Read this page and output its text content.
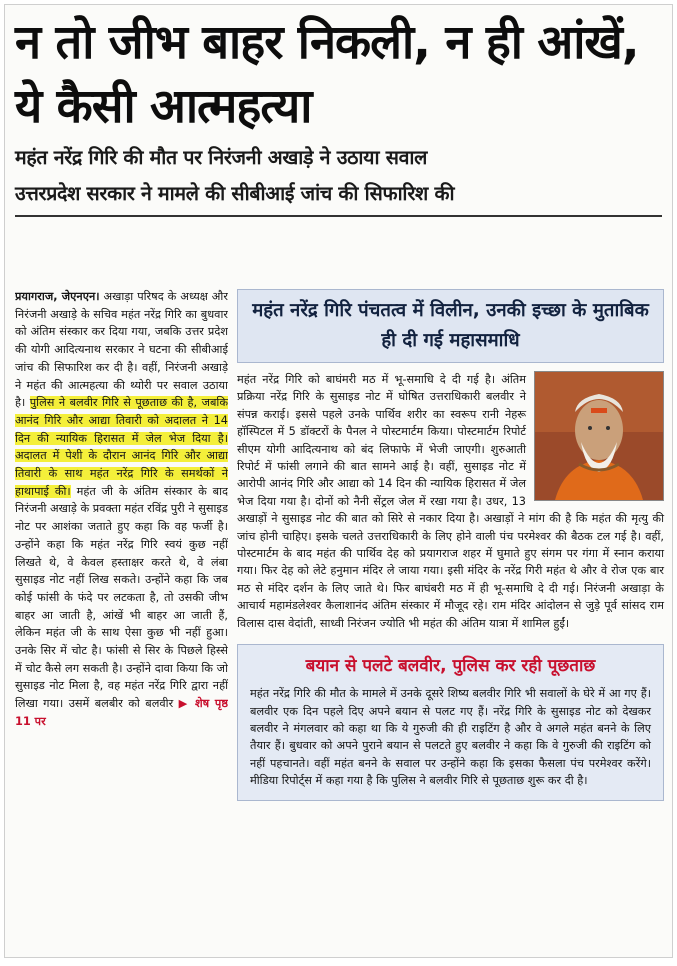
न तो जीभ बाहर निकली, न ही आंखें, ये कैसी आत्महत्या
महंत नरेंद्र गिरि की मौत पर निरंजनी अखाड़े ने उठाया सवाल
उत्तरप्रदेश सरकार ने मामले की सीबीआई जांच की सिफारिश की

प्रयागराज, जेएनएन। अखाड़ा परिषद के अध्यक्ष और निरंजनी अखाड़े के सचिव महंत नरेंद्र गिरि का बुधवार को अंतिम संस्कार कर दिया गया, जबकि उत्तर प्रदेश की योगी आदित्यनाथ सरकार ने घटना की सीबीआई जांच की सिफारिश कर दी है। वहीं, निरंजनी अखाड़े ने महंत की आत्महत्या की थ्योरी पर सवाल उठाया है। पुलिस ने बलवीर गिरि से पूछताछ की है, जबकि आनंद गिरि और आद्या तिवारी को अदालत ने 14 दिन की न्यायिक हिरासत में जेल भेज दिया है। अदालत में पेशी के दौरान आनंद गिरि और आद्या तिवारी के साथ महंत नरेंद्र गिरि के समर्थकों ने हाथापाई की। महंत जी के अंतिम संस्कार के बाद निरंजनी अखाड़े के प्रवक्ता महंत रविंद्र पुरी ने सुसाइड नोट पर आशंका जताते हुए कहा कि वह फर्जी है। उन्होंने कहा कि महंत नरेंद्र गिरि स्वयं कुछ नहीं लिखते थे, वे केवल हस्ताक्षर करते थे, वे लंबा सुसाइड नोट नहीं लिख सकते। उन्होंने कहा कि जब कोई फांसी के फंदे पर लटकता है, तो उसकी जीभ बाहर आ जाती है, आंखें भी बाहर आ जाती हैं, लेकिन महंत जी के साथ ऐसा कुछ भी नहीं हुआ। उनके सिर में चोट है। फांसी से सिर के पिछले हिस्से में चोट कैसे लग सकती है। उन्होंने दावा किया कि जो सुसाइड नोट मिला है, वह महंत नरेंद्र गिरि द्वारा नहीं लिखा गया। उसमें बलबीर को बलवीर ▶ शेष पृष्ठ 11 पर

महंत नरेंद्र गिरि पंचतत्व में विलीन, उनकी इच्छा के मुताबिक ही दी गई महासमाधि
महंत नरेंद्र गिरि को बाघंमरी मठ में भू-समाधि दे दी गई है। अंतिम प्रक्रिया नरेंद्र गिरि के सुसाइड नोट में घोषित उत्तराधिकारी बलवीर ने संपन्न कराई। इससे पहले उनके पार्थिव शरीर का स्वरूप रानी नेहरू हॉस्पिटल में 5 डॉक्टरों के पैनल ने पोस्टमार्टम किया। पोस्टमार्टम रिपोर्ट सीएम योगी आदित्यनाथ को बंद लिफाफे में भेजी जाएगी। शुरुआती रिपोर्ट में फांसी लगाने की बात सामने आई है। वहीं, सुसाइड नोट में आरोपी आनंद गिरि और आद्या को 14 दिन की न्यायिक हिरासत में जेल भेज दिया गया है। दोनों को नैनी सेंट्रल जेल में रखा गया है। उधर, 13 अखाड़ों ने सुसाइड नोट की बात को सिरे से नकार दिया है। अखाड़ों ने मांग की है कि महंत की मृत्यु की जांच होनी चाहिए। इसके चलते उत्तराधिकारी के लिए होने वाली पंच परमेश्वर की बैठक टल गई है। वहीं, पोस्टमार्टम के बाद महंत की पार्थिव देह को प्रयागराज शहर में घुमाते हुए संगम पर गंगा में स्नान कराया गया। फिर देह को लेटे हनुमान मंदिर ले जाया गया। इसी मंदिर के नरेंद्र गिरी महंत थे और वे रोज एक बार मठ से मंदिर दर्शन के लिए जाते थे। फिर बाघंबरी मठ में ही भू-समाधि दे दी गई। निरंजनी अखाड़ा के आचार्य महामंडलेश्वर कैलाशानंद अंतिम संस्कार में मौजूद रहे। राम मंदिर आंदोलन से जुड़े पूर्व सांसद राम विलास दास वेदांती, साध्वी निरंजन ज्योति भी महंत की अंतिम यात्रा में शामिल हुईं।
बयान से पलटे बलवीर, पुलिस कर रही पूछताछ
महंत नरेंद्र गिरि की मौत के मामले में उनके दूसरे शिष्य बलवीर गिरि भी सवालों के घेरे में आ गए हैं। बलवीर एक दिन पहले दिए अपने बयान से पलट गए हैं। नरेंद्र गिरि के सुसाइड नोट को देखकर बलवीर ने मंगलवार को कहा था कि ये गुरुजी की ही राइटिंग है और वे अगले महंत बनने के लिए तैयार हैं। बुधवार को अपने पुराने बयान से पलटते हुए बलवीर ने कहा कि वे गुरुजी की राइटिंग को नहीं पहचानते। वहीं महंत बनने के सवाल पर उन्होंने कहा कि इसका फैसला पंच परमेश्वर करेंगे। मीडिया रिपोर्ट्स में कहा गया है कि पुलिस ने बलवीर गिरि से पूछताछ शुरू कर दी है।
